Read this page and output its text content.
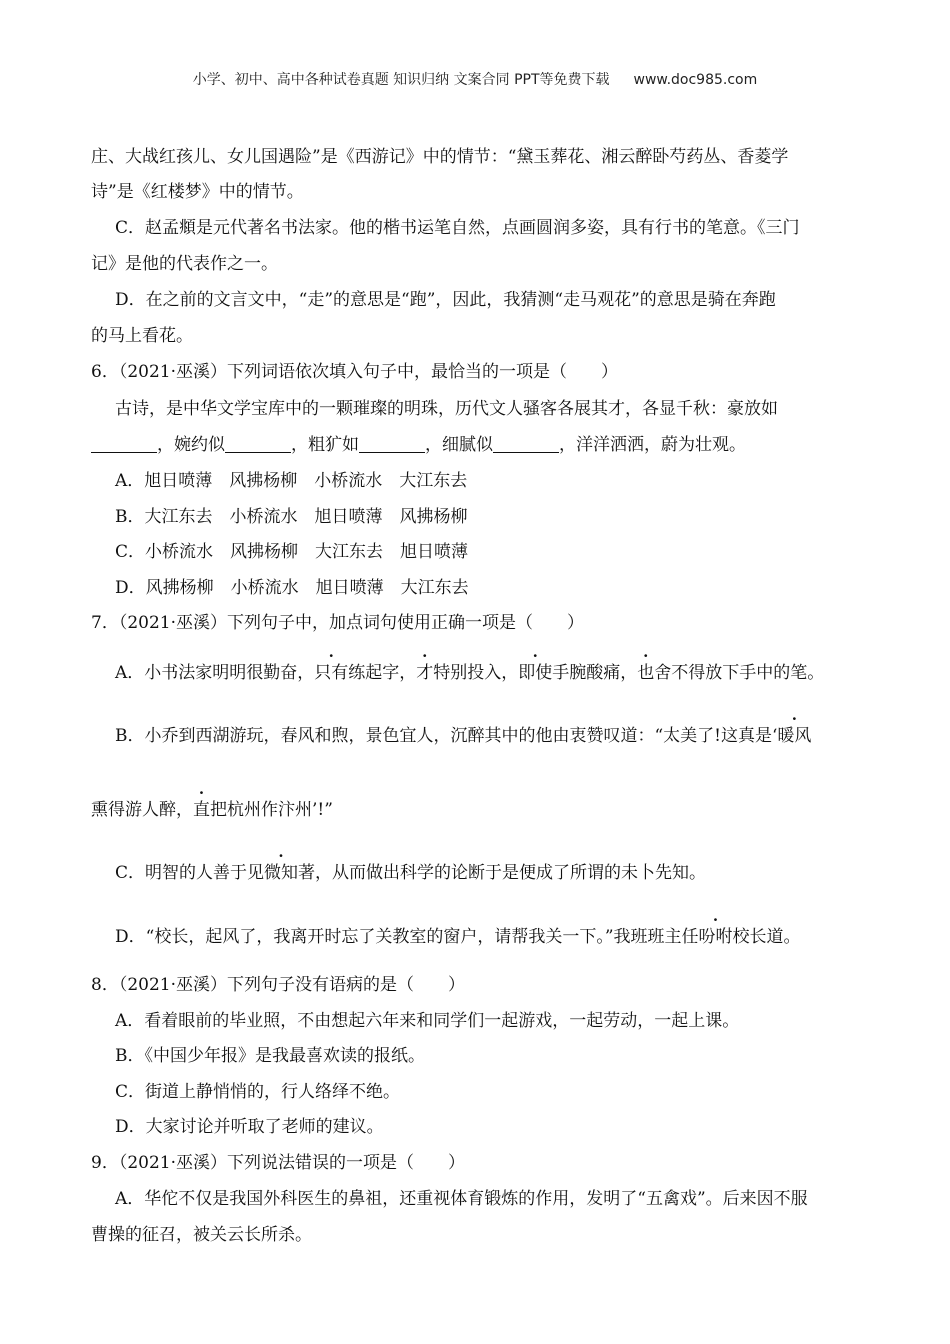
小学、初中、高中各种试卷真题 知识归纳 文案合同 PPT等免费下载 www.doc985.com
庄、大战红孩儿、女儿国遇险”是《西游记》中的情节：“黛玉葬花、湘云醉卧芍药丛、香菱学
诗”是《红楼梦》中的情节。
C．赵孟頫是元代著名书法家。他的楷书运笔自然，点画圆润多姿，具有行书的笔意。《三门
记》是他的代表作之一。
D．在之前的文言文中，“走”的意思是“跑”，因此，我猜测“走马观花”的意思是骑在奔跑
的马上看花。
6．（2021·巫溪）下列词语依次填入句子中，最恰当的一项是（　　）
古诗，是中华文学宝库中的一颗璀璨的明珠，历代文人骚客各展其才，各显千秋：豪放如
，婉约似	，粗犷如	，细腻似	，洋洋洒洒，蔚为壮观。
A．旭日喷薄　风拂杨柳　小桥流水　大江东去
B．大江东去　小桥流水　旭日喷薄　风拂杨柳
C．小桥流水　风拂杨柳　大江东去　旭日喷薄
D．风拂杨柳　小桥流水　旭日喷薄　大江东去
7．（2021·巫溪）下列句子中，加点词句使用正确一项是（　　）
A．小书法家明明很勤奋，只有练起字，才特别投入，即使手腕酸痛，也舍不得放下手中的笔。
B．小乔到西湖游玩，春风和煦，景色宜人，沉醉其中的他由衷赞叹道：“太美了!这真是‘暖风
. 熏得游人醉，直把杭州作汴州’!”
C．明智的人善于见微知著，从而做出科学的论断于是便成了所谓的未卜先知。
D．“校长，起风了，我离开时忘了关教室的窗户，请帮我关一下。”我班班主任吩咐校长道。
8．（2021·巫溪）下列句子没有语病的是（　　）
A．看着眼前的毕业照，不由想起六年来和同学们一起游戏，一起劳动，一起上课。
B．《中国少年报》是我最喜欢读的报纸。
C．街道上静悄悄的，行人络绎不绝。
D．大家讨论并听取了老师的建议。
9．（2021·巫溪）下列说法错误的一项是（　　）
A．华佗不仅是我国外科医生的鼻祖，还重视体育锻炼的作用，发明了“五禽戏”。后来因不服
曹操的征召，被关云长所杀。
